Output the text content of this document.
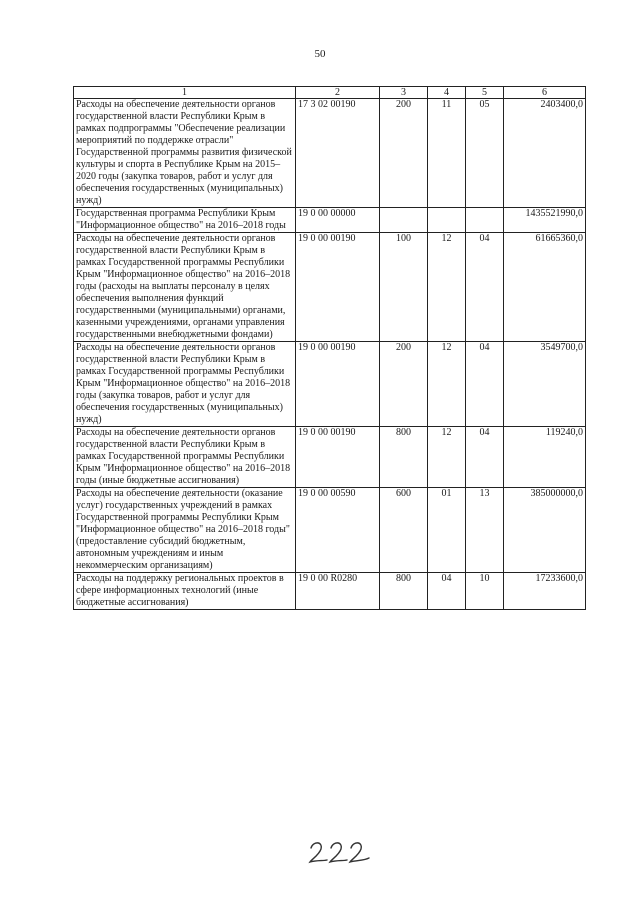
50
1	2	3	4	5	6
Расходы на обеспечение деятельности органов государственной власти Республики Крым в рамках подпрограммы "Обеспечение реализации мероприятий по поддержке отрасли" Государственной программы развития физической культуры и спорта в Республике Крым на 2015–2020 годы (закупка товаров, работ и услуг для обеспечения государственных (муниципальных) нужд)	17 3 02 00190	200	11	05	2403400,0
Государственная программа Республики Крым "Информационное общество" на 2016–2018 годы	19 0 00 00000				1435521990,0
Расходы на обеспечение деятельности органов государственной власти Республики Крым в рамках Государственной программы Республики Крым "Информационное общество" на 2016–2018 годы (расходы на выплаты персоналу в целях обеспечения выполнения функций государственными (муниципальными) органами, казенными учреждениями, органами управления государственными внебюджетными фондами)	19 0 00 00190	100	12	04	61665360,0
Расходы на обеспечение деятельности органов государственной власти Республики Крым в рамках Государственной программы Республики Крым "Информационное общество" на 2016–2018 годы (закупка товаров, работ и услуг для обеспечения государственных (муниципальных) нужд)	19 0 00 00190	200	12	04	3549700,0
Расходы на обеспечение деятельности органов государственной власти Республики Крым в рамках Государственной программы Республики Крым "Информационное общество" на 2016–2018 годы (иные бюджетные ассигнования)	19 0 00 00190	800	12	04	119240,0
Расходы на обеспечение деятельности (оказание услуг) государственных учреждений в рамках Государственной программы Республики Крым "Информационное общество" на 2016–2018 годы" (предоставление субсидий бюджетным, автономным учреждениям и иным некоммерческим организациям)	19 0 00 00590	600	01	13	385000000,0
Расходы на поддержку региональных проектов в сфере информационных технологий (иные бюджетные ассигнования)	19 0 00 R0280	800	04	10	17233600,0
